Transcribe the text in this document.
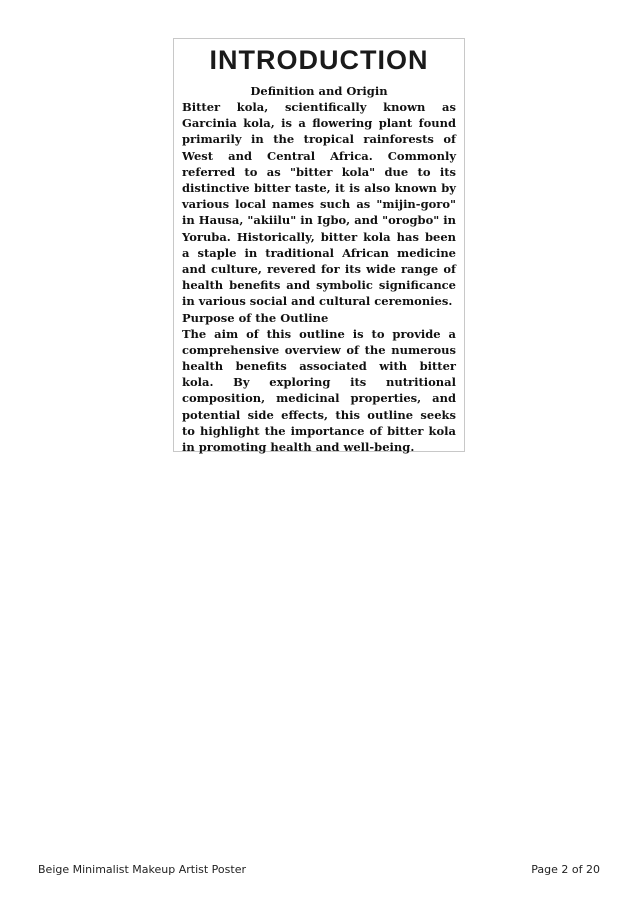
INTRODUCTION

Definition and Origin

Bitter kola, scientifically known as Garcinia kola, is a flowering plant found primarily in the tropical rainforests of West and Central Africa. Commonly referred to as "bitter kola" due to its distinctive bitter taste, it is also known by various local names such as "mijin-goro" in Hausa, "akiilu" in Igbo, and "orogbo" in Yoruba. Historically, bitter kola has been a staple in traditional African medicine and culture, revered for its wide range of health benefits and symbolic significance in various social and cultural ceremonies.

Purpose of the Outline

The aim of this outline is to provide a comprehensive overview of the numerous health benefits associated with bitter kola. By exploring its nutritional composition, medicinal properties, and potential side effects, this outline seeks to highlight the importance of bitter kola in promoting health and well-being.

Beige Minimalist Makeup Artist Poster	Page 2 of 20
